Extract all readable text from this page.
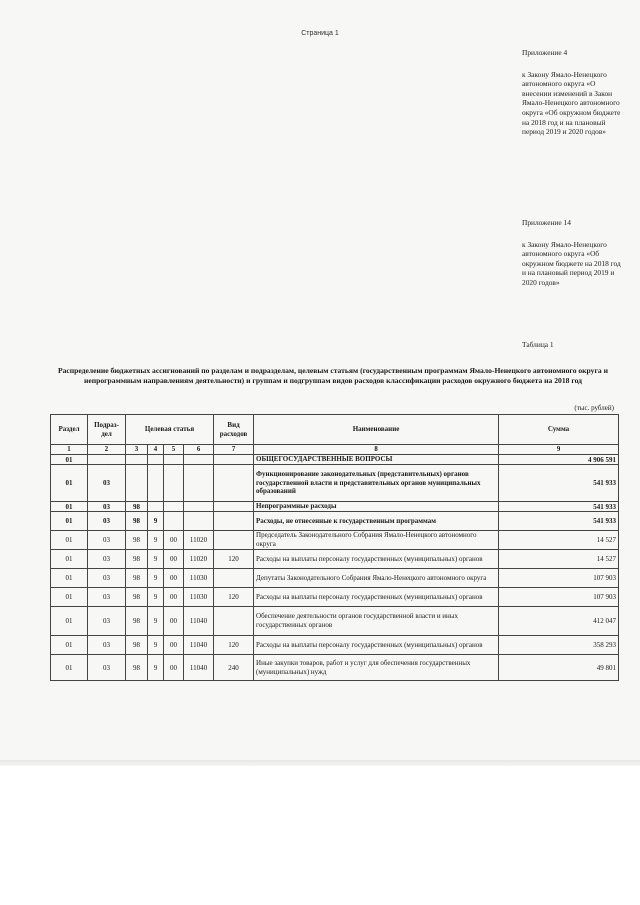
Страница 1
Приложение 4
к Закону Ямало-Ненецкого автономного округа «О внесении изменений в Закон Ямало-Ненецкого автономного округа «Об окружном бюджете на 2018 год и на плановый период 2019 и 2020 годов»
Приложение 14
к Закону Ямало-Ненецкого автономного округа «Об окружном бюджете на 2018 год и на плановый период 2019 и 2020 годов»
Таблица 1
Распределение бюджетных ассигнований по разделам и подразделам, целевым статьям (государственным программам Ямало-Ненецкого автономного округа и непрограммным направлениям деятельности) и группам и подгруппам видов расходов классификации расходов окружного бюджета на 2018 год
(тыс. рублей)
Раздел	Подраз-дел	Целевая статья				Вид расходов	Наименование	Сумма
1	2	3	4	5	6	7	8	9
01							ОБЩЕГОСУДАРСТВЕННЫЕ ВОПРОСЫ	4 906 591
01	03						Функционирование законодательных (представительных) органов государственной власти и представительных органов муниципальных образований	541 933
01	03	98					Непрограммные расходы	541 933
01	03	98	9				Расходы, не отнесенные к государственным программам	541 933
01	03	98	9	00	11020		Председатель Законодательного Собрания Ямало-Ненецкого автономного округа	14 527
01	03	98	9	00	11020	120	Расходы на выплаты персоналу государственных (муниципальных) органов	14 527
01	03	98	9	00	11030		Депутаты Законодательного Собрания Ямало-Ненецкого автономного округа	107 903
01	03	98	9	00	11030	120	Расходы на выплаты персоналу государственных (муниципальных) органов	107 903
01	03	98	9	00	11040		Обеспечение деятельности органов государственной власти и иных государственных органов	412 047
01	03	98	9	00	11040	120	Расходы на выплаты персоналу государственных (муниципальных) органов	358 293
01	03	98	9	00	11040	240	Иные закупки товаров, работ и услуг для обеспечения государственных (муниципальных) нужд	49 801
